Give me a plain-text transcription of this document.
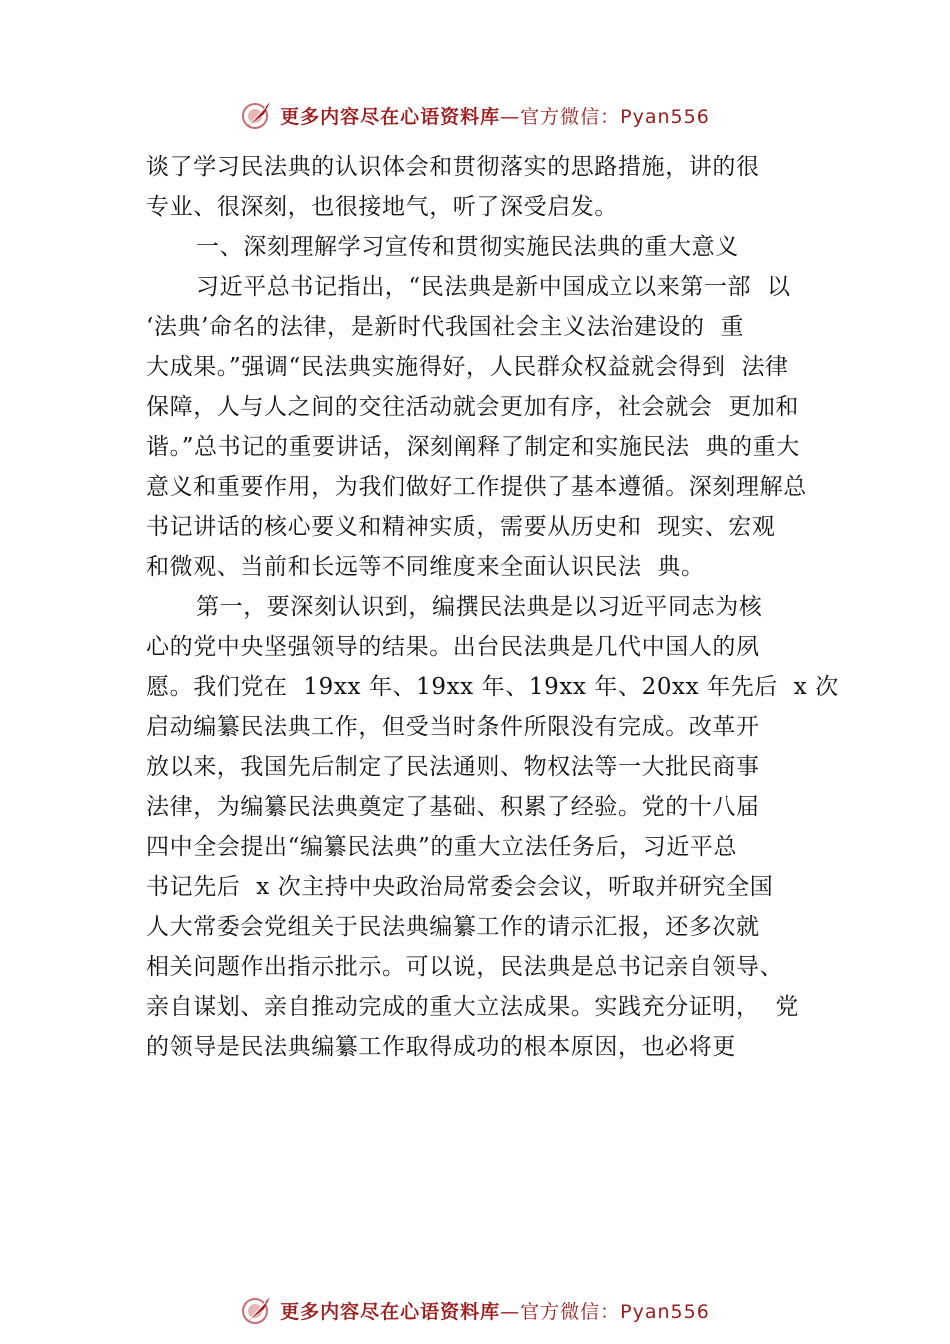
更多内容尽在心语资料库 —官方微信：Pyan556
谈了学习民法典的认识体会和贯彻落实的思路措施，讲的很
专业、很深刻，也很接地气，听了深受启发。
一、深刻理解学习宣传和贯彻实施民法典的重大意义
习近平总书记指出，“民法典是新中国成立以来第一部  以
‘法典’命名的法律，是新时代我国社会主义法治建设的  重
大成果。”强调“民法典实施得好，人民群众权益就会得到  法律
保障，人与人之间的交往活动就会更加有序，社会就会  更加和
谐。”总书记的重要讲话，深刻阐释了制定和实施民法  典的重大
意义和重要作用，为我们做好工作提供了基本遵循。深刻理解总
书记讲话的核心要义和精神实质，需要从历史和  现实、宏观
和微观、当前和长远等不同维度来全面认识民法  典。
第一，要深刻认识到，编撰民法典是以习近平同志为核
心的党中央坚强领导的结果。出台民法典是几代中国人的夙
愿。我们党在  19xx 年、19xx 年、19xx 年、20xx 年先后  x 次
启动编纂民法典工作，但受当时条件所限没有完成。改革开
放以来，我国先后制定了民法通则、物权法等一大批民商事
法律，为编纂民法典奠定了基础、积累了经验。党的十八届
四中全会提出“编纂民法典”的重大立法任务后，习近平总
书记先后  x 次主持中央政治局常委会会议，听取并研究全国
人大常委会党组关于民法典编纂工作的请示汇报，还多次就
相关问题作出指示批示。可以说，民法典是总书记亲自领导、
亲自谋划、亲自推动完成的重大立法成果。实践充分证明，  党
的领导是民法典编纂工作取得成功的根本原因，也必将更
更多内容尽在心语资料库 —官方微信：Pyan556
